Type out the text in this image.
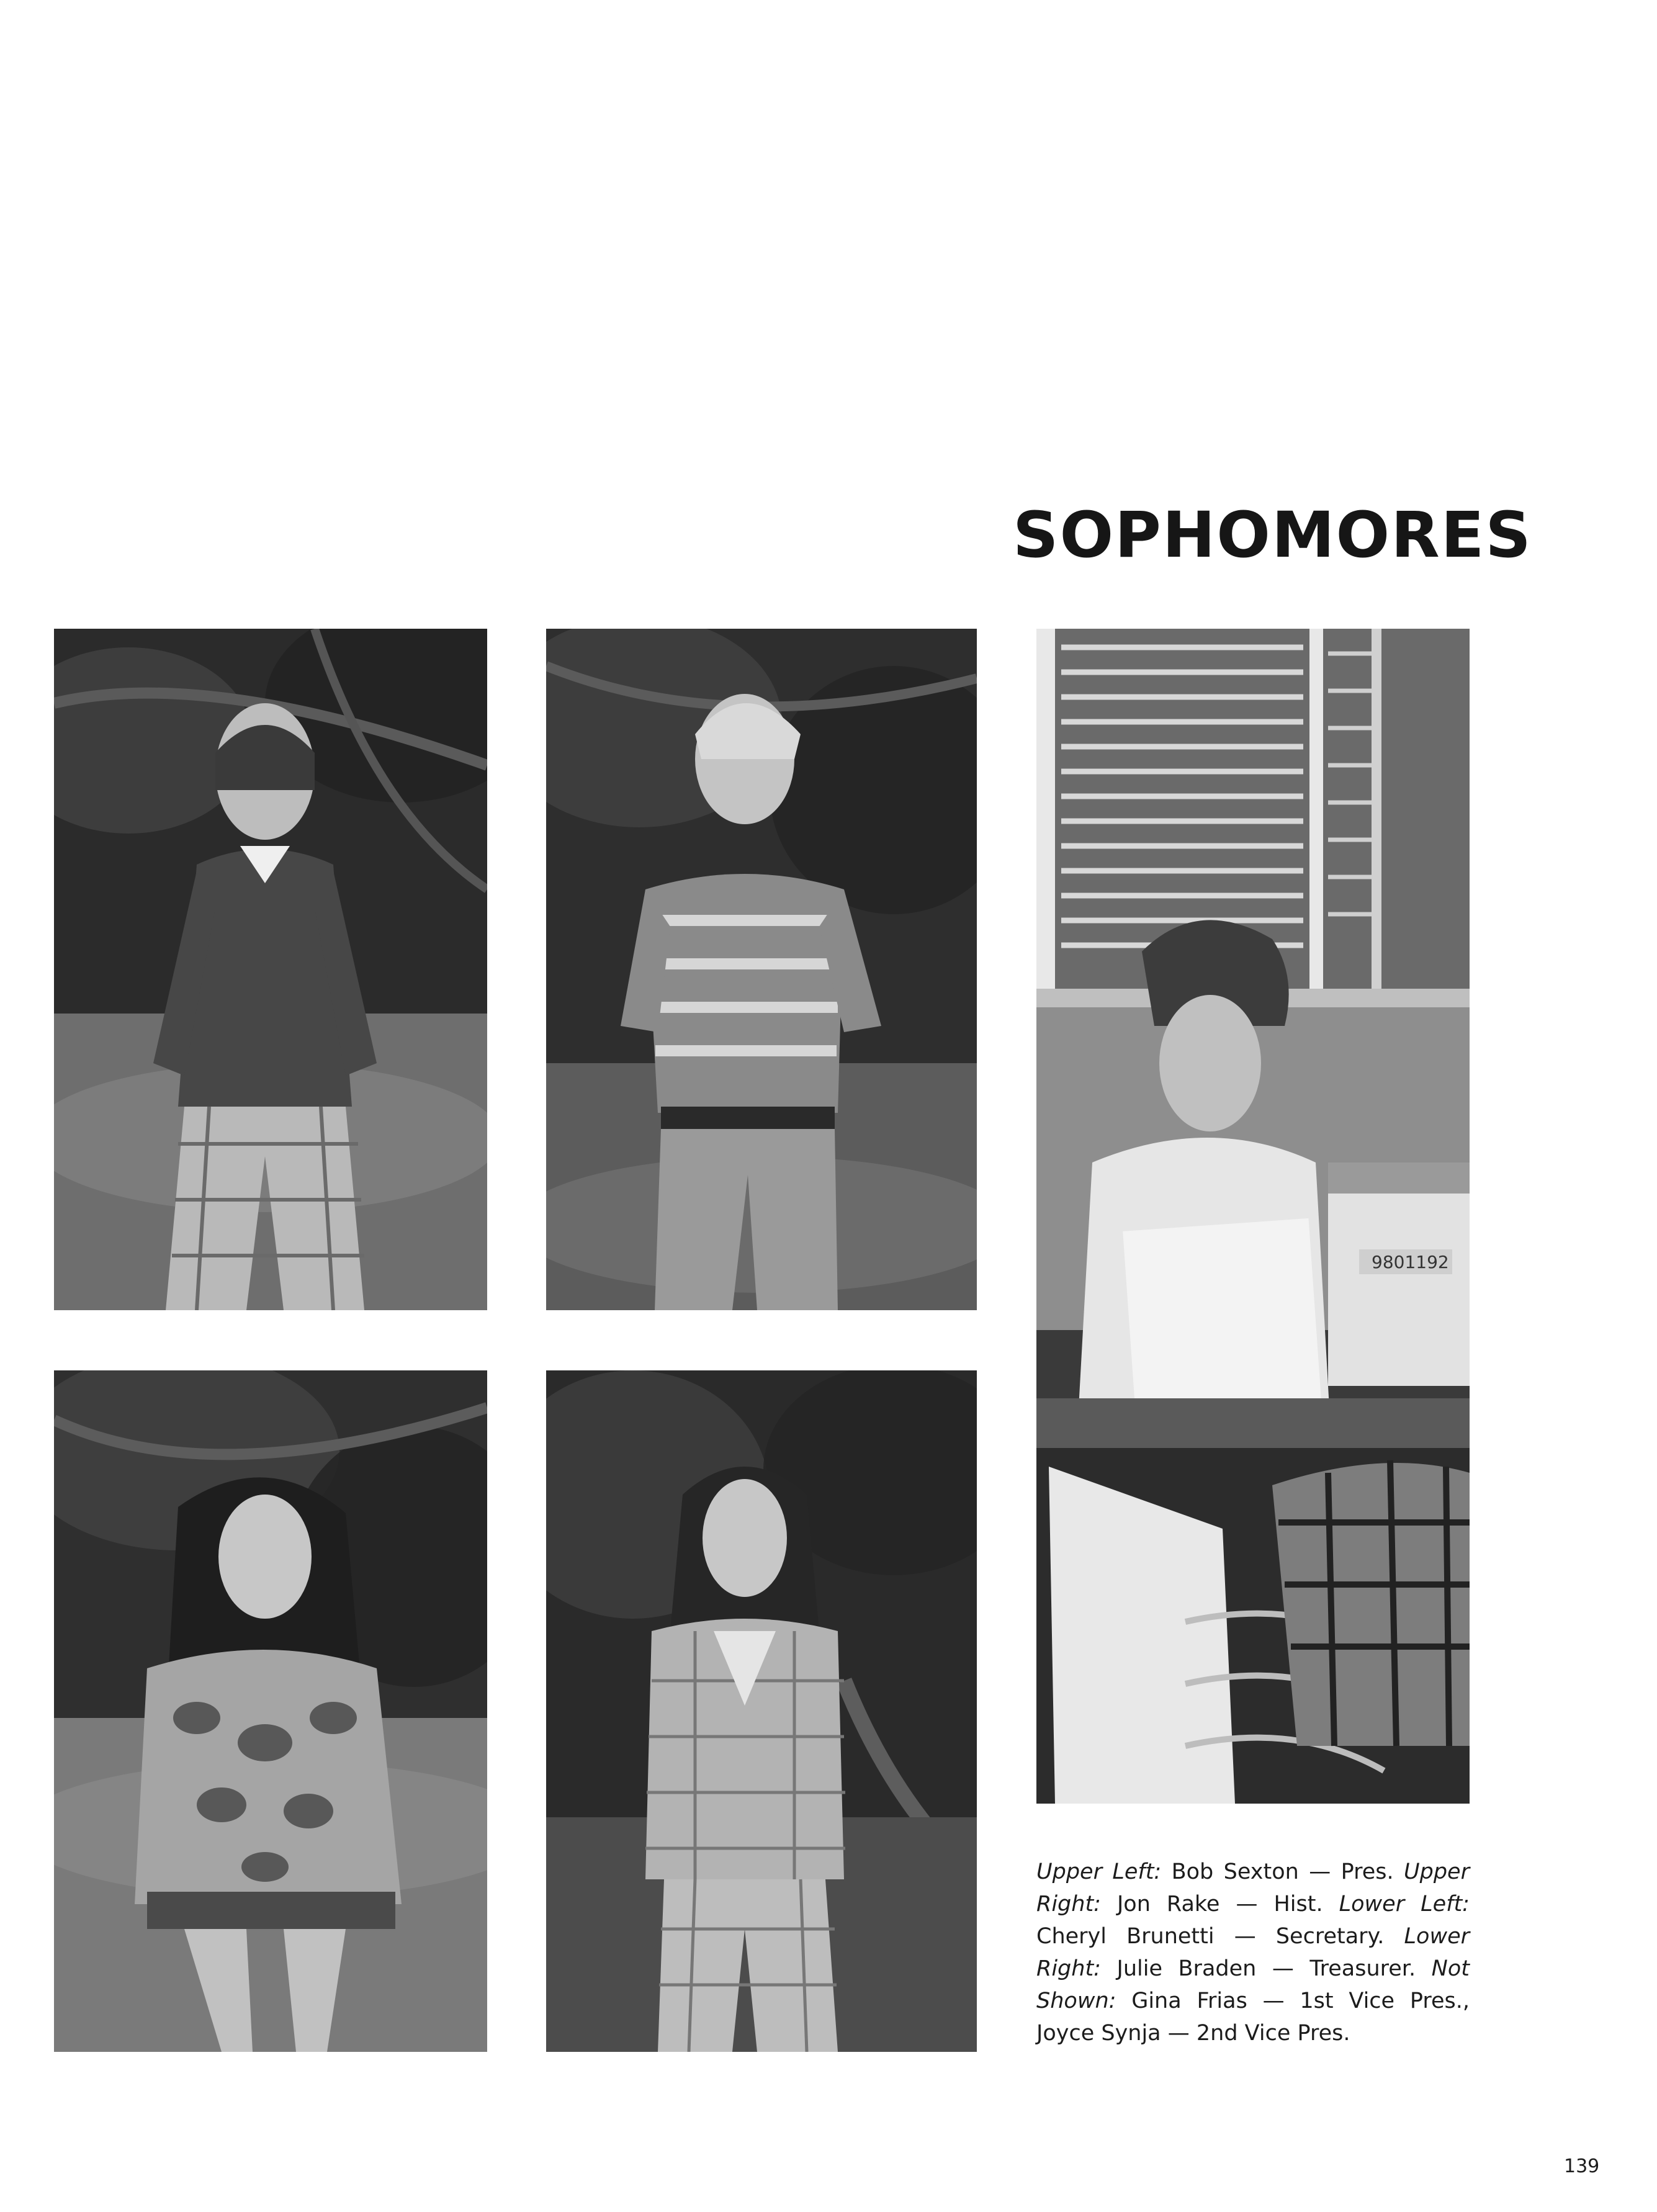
SOPHOMORES
9801192
Upper Left: Bob Sexton — Pres. Upper Right: Jon Rake — Hist. Lower Left: Cheryl Brunetti — Secretary. Lower Right: Julie Braden — Treasurer. Not Shown: Gina Frias — 1st Vice Pres., Joyce Synja — 2nd Vice Pres.
139
